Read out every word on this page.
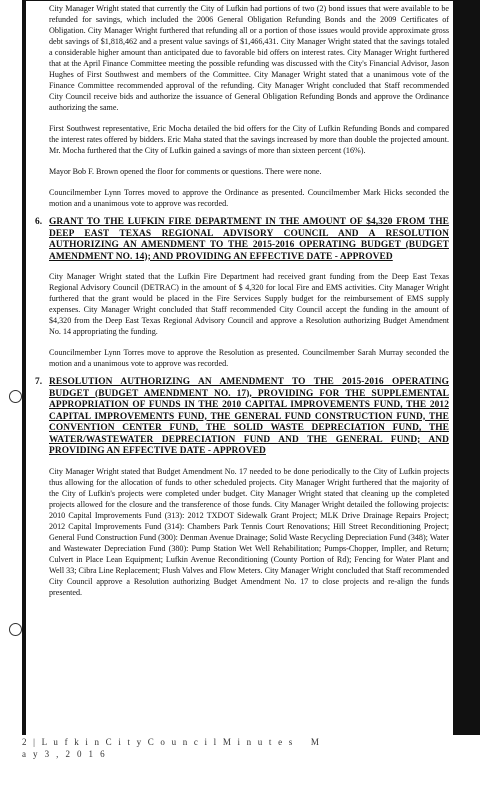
City Manager Wright stated that currently the City of Lufkin had portions of two (2) bond issues that were available to be refunded for savings, which included the 2006 General Obligation Refunding Bonds and the 2009 Certificates of Obligation. City Manager Wright furthered that refunding all or a portion of those issues would provide approximate gross debt savings of $1,818,462 and a present value savings of $1,466,431. City Manager Wright stated that the savings totaled a considerable higher amount than anticipated due to favorable bid offers on interest rates. City Manager Wright furthered that at the April Finance Committee meeting the possible refunding was discussed with the City's Financial Advisor, Jason Hughes of First Southwest and members of the Committee. City Manager Wright stated that a unanimous vote of the Finance Committee recommended approval of the refunding. City Manager Wright concluded that Staff recommended City Council receive bids and authorize the issuance of General Obligation Refunding Bonds and approve the Ordinance authorizing the same.

First Southwest representative, Eric Mocha detailed the bid offers for the City of Lufkin Refunding Bonds and compared the interest rates offered by bidders. Eric Maha stated that the savings increased by more than double the projected amount. Mr. Mocha furthered that the City of Lufkin gained a savings of more than sixteen percent (16%).

Mayor Bob F. Brown opened the floor for comments or questions. There were none.

Councilmember Lynn Torres moved to approve the Ordinance as presented. Councilmember Mark Hicks seconded the motion and a unanimous vote to approve was recorded.

6. GRANT TO THE LUFKIN FIRE DEPARTMENT IN THE AMOUNT OF $4,320 FROM THE DEEP EAST TEXAS REGIONAL ADVISORY COUNCIL AND A RESOLUTION AUTHORIZING AN AMENDMENT TO THE 2015-2016 OPERATING BUDGET (BUDGET AMENDMENT NO. 14); AND PROVIDING AN EFFECTIVE DATE - APPROVED

City Manager Wright stated that the Lufkin Fire Department had received grant funding from the Deep East Texas Regional Advisory Council (DETRAC) in the amount of $ 4,320 for local Fire and EMS activities. City Manager Wright furthered that the grant would be placed in the Fire Services Supply budget for the reimbursement of EMS supply expenses. City Manager Wright concluded that Staff recommended City Council accept the funding in the amount of $4,320 from the Deep East Texas Regional Advisory Council and approve a Resolution authorizing Budget Amendment No. 14 appropriating the funding.

Councilmember Lynn Torres move to approve the Resolution as presented. Councilmember Sarah Murray seconded the motion and a unanimous vote to approve was recorded.

7. RESOLUTION AUTHORIZING AN AMENDMENT TO THE 2015-2016 OPERATING BUDGET (BUDGET AMENDMENT NO. 17), PROVIDING FOR THE SUPPLEMENTAL APPROPRIATION OF FUNDS IN THE 2010 CAPITAL IMPROVEMENTS FUND, THE 2012 CAPITAL IMPROVEMENTS FUND, THE GENERAL FUND CONSTRUCTION FUND, THE CONVENTION CENTER FUND, THE SOLID WASTE DEPRECIATION FUND, THE WATER/WASTEWATER DEPRECIATION FUND AND THE GENERAL FUND; AND PROVIDING AN EFFECTIVE DATE - APPROVED

City Manager Wright stated that Budget Amendment No. 17 needed to be done periodically to the City of Lufkin projects thus allowing for the allocation of funds to other scheduled projects. City Manager Wright furthered that the majority of the City of Lufkin's projects were completed under budget. City Manager Wright stated that cleaning up the completed projects allowed for the closure and the transference of those funds. City Manager Wright detailed the following projects: 2010 Capital Improvements Fund (313): 2012 TXDOT Sidewalk Grant Project; MLK Drive Drainage Repairs Project; 2012 Capital Improvements Fund (314): Chambers Park Tennis Court Renovations; Hill Street Reconditioning Project; General Fund Construction Fund (300): Denman Avenue Drainage; Solid Waste Recycling Depreciation Fund (348); Water and Wastewater Depreciation Fund (380): Pump Station Wet Well Rehabilitation; Pumps-Chopper, Impller, and Return; Culvert in Place Lean Equipment; Lufkin Avenue Reconditioning (County Portion of Rd); Fencing for Water Plant and Well 33; Cibra Line Replacement; Flush Valves and Flow Meters. City Manager Wright concluded that Staff recommended City Council approve a Resolution authorizing Budget Amendment No. 17 to close projects and re-align the funds presented.

2 | L u f k i n C i t y C o u n c i l M i n u t e s M a y 3 , 2 0 1 6
